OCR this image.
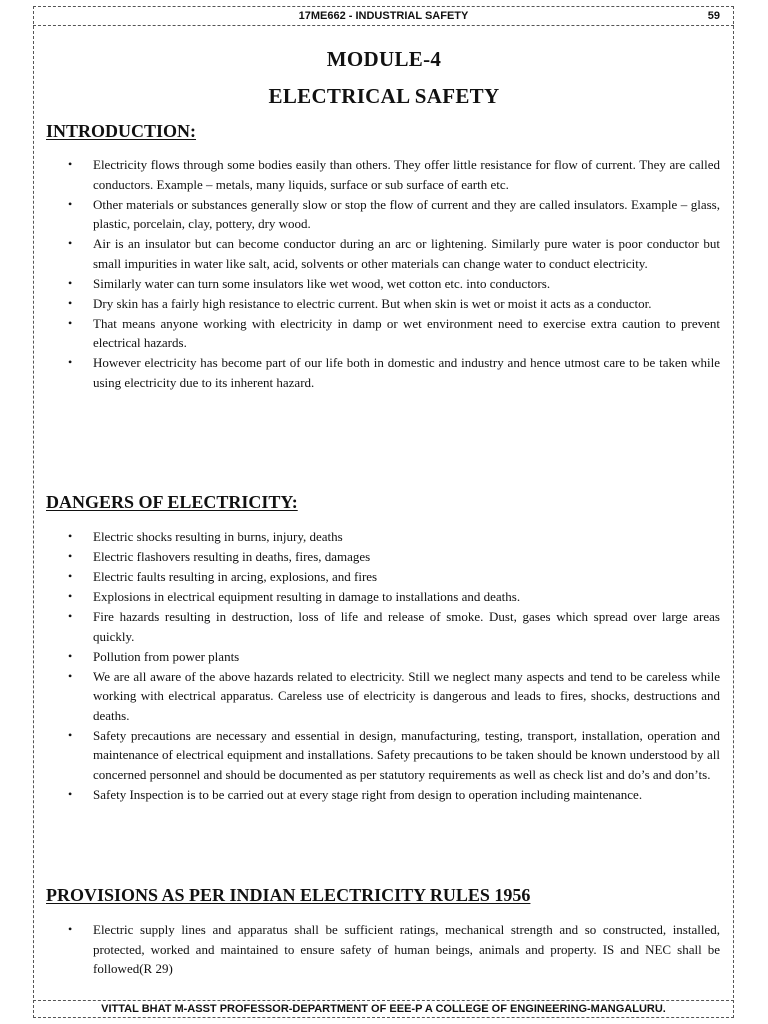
17ME662 - INDUSTRIAL SAFETY	59
MODULE-4
ELECTRICAL SAFETY
INTRODUCTION:
• Electricity flows through some bodies easily than others. They offer little resistance for flow of current. They are called conductors. Example – metals, many liquids, surface or sub surface of earth etc.
• Other materials or substances generally slow or stop the flow of current and they are called insulators. Example – glass, plastic, porcelain, clay, pottery, dry wood.
• Air is an insulator but can become conductor during an arc or lightening. Similarly pure water is poor conductor but small impurities in water like salt, acid, solvents or other materials can change water to conduct electricity.
• Similarly water can turn some insulators like wet wood, wet cotton etc. into conductors.
• Dry skin has a fairly high resistance to electric current. But when skin is wet or moist it acts as a conductor.
• That means anyone working with electricity in damp or wet environment need to exercise extra caution to prevent electrical hazards.
• However electricity has become part of our life both in domestic and industry and hence utmost care to be taken while using electricity due to its inherent hazard.
DANGERS OF ELECTRICITY:
• Electric shocks resulting in burns, injury, deaths
• Electric flashovers resulting in deaths, fires, damages
• Electric faults resulting in arcing, explosions, and fires
• Explosions in electrical equipment resulting in damage to installations and deaths.
• Fire hazards resulting in destruction, loss of life and release of smoke. Dust, gases which spread over large areas quickly.
• Pollution from power plants
• We are all aware of the above hazards related to electricity. Still we neglect many aspects and tend to be careless while working with electrical apparatus. Careless use of electricity is dangerous and leads to fires, shocks, destructions and deaths.
• Safety precautions are necessary and essential in design, manufacturing, testing, transport, installation, operation and maintenance of electrical equipment and installations. Safety precautions to be taken should be known understood by all concerned personnel and should be documented as per statutory requirements as well as check list and do’s and don’ts.
• Safety Inspection is to be carried out at every stage right from design to operation including maintenance.
PROVISIONS AS PER INDIAN ELECTRICITY RULES 1956
• Electric supply lines and apparatus shall be sufficient ratings, mechanical strength and so constructed, installed, protected, worked and maintained to ensure safety of human beings, animals and property. IS and NEC shall be followed(R 29)
VITTAL BHAT M-ASST PROFESSOR-DEPARTMENT OF EEE-P A COLLEGE OF ENGINEERING-MANGALURU.
